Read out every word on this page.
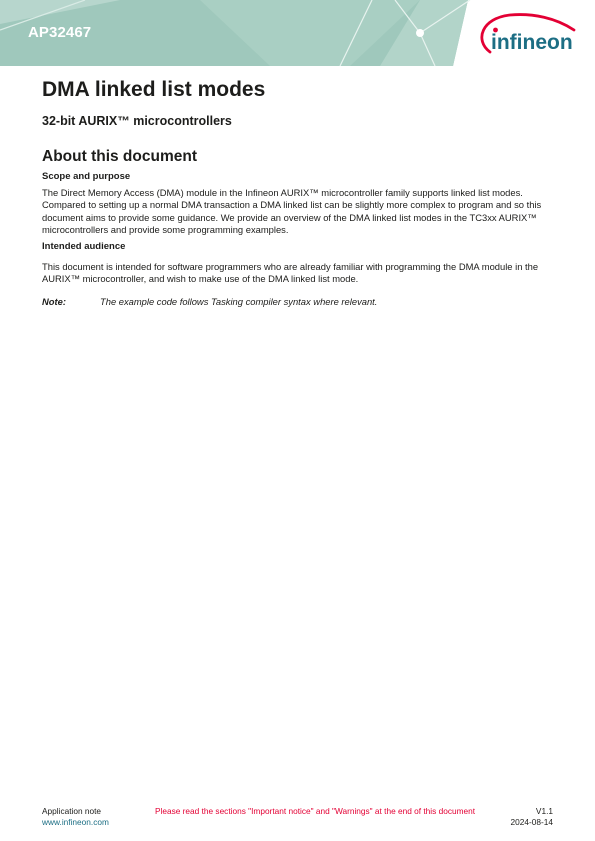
AP32467	infineon
DMA linked list modes
32-bit AURIX™ microcontrollers
About this document
Scope and purpose

The Direct Memory Access (DMA) module in the Infineon AURIX™ microcontroller family supports linked list modes. Compared to setting up a normal DMA transaction a DMA linked list can be slightly more complex to program and so this document aims to provide some guidance. We provide an overview of the DMA linked list modes in the TC3xx AURIX™ microcontrollers and provide some programming examples.

Intended audience

This document is intended for software programmers who are already familiar with programming the DMA module in the AURIX™ microcontroller, and wish to make use of the DMA linked list mode.

Note:	The example code follows Tasking compiler syntax where relevant.
Application note
www.infineon.com
Please read the sections "Important notice" and "Warnings" at the end of this document	V1.1
2024-08-14
